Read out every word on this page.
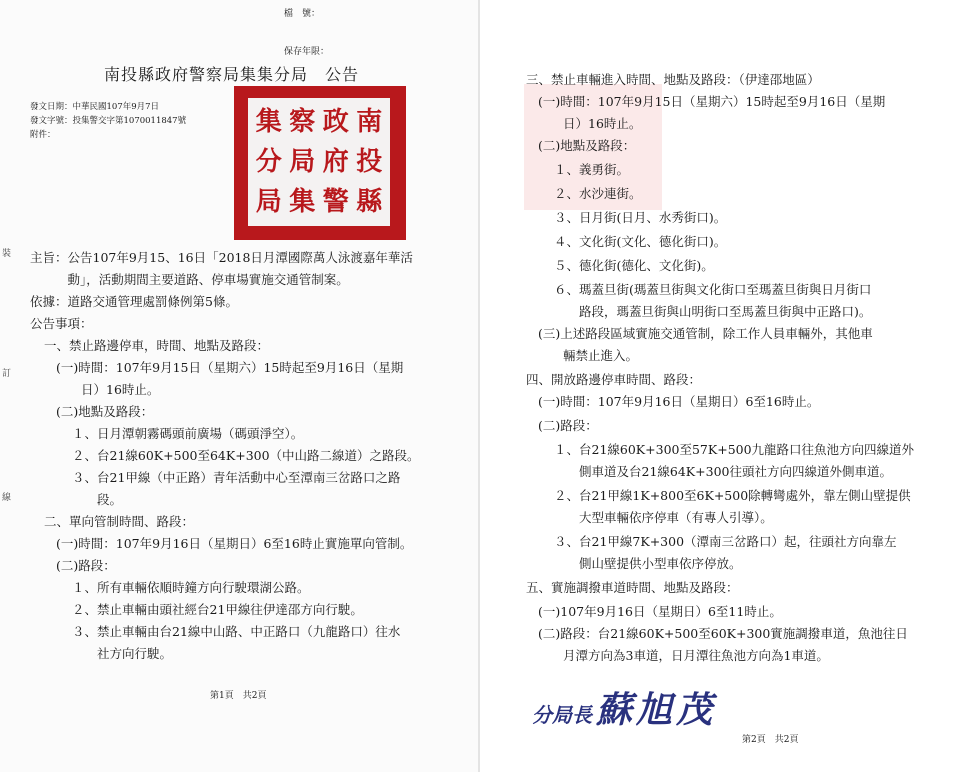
檔　號：
保存年限：
南投縣政府警察局集集分局　公告
發文日期：中華民國107年9月7日
發文字號：投集警交字第1070011847號
附件：	南
投
縣
政
府
警
察
局
集
集
分
局
裝
訂
線
主旨：公告107年9月15、16日「2018日月潭國際萬人泳渡嘉年華活
　　　動」，活動期間主要道路、停車場實施交通管制案。
依據：道路交通管理處罰條例第5條。
公告事項：
一、禁止路邊停車，時間、地點及路段：
(一)時間：107年9月15日（星期六）15時起至9月16日（星期
　　日）16時止。
(二)地點及路段：
１、日月潭朝霧碼頭前廣場（碼頭淨空）。
２、台21線60K+500至64K+300（中山路二線道）之路段。
３、台21甲線（中正路）青年活動中心至潭南三岔路口之路
　　段。
二、單向管制時間、路段：
(一)時間：107年9月16日（星期日）6至16時止實施單向管制。
(二)路段：
１、所有車輛依順時鐘方向行駛環湖公路。
２、禁止車輛由頭社經台21甲線往伊達邵方向行駛。
３、禁止車輛由台21線中山路、中正路口（九龍路口）往水
　　社方向行駛。
第1頁　共2頁
三、禁止車輛進入時間、地點及路段：（伊達邵地區）
(一)時間：107年9月15日（星期六）15時起至9月16日（星期
　　日）16時止。
(二)地點及路段：
１、義勇街。
２、水沙連街。
３、日月街(日月、水秀街口)。
４、文化街(文化、德化街口)。
５、德化街(德化、文化街)。
６、瑪蓋旦街(瑪蓋旦街與文化街口至瑪蓋旦街與日月街口
　　路段，瑪蓋旦街與山明街口至馬蓋旦街與中正路口)。
(三)上述路段區域實施交通管制，除工作人員車輛外，其他車
　　輛禁止進入。
四、開放路邊停車時間、路段：
(一)時間：107年9月16日（星期日）6至16時止。
(二)路段：
１、台21線60K+300至57K+500九龍路口往魚池方向四線道外
　　側車道及台21線64K+300往頭社方向四線道外側車道。
２、台21甲線1K+800至6K+500除轉彎處外，靠左側山壁提供
　　大型車輛依序停車（有專人引導）。
３、台21甲線7K+300（潭南三岔路口）起，往頭社方向靠左
　　側山壁提供小型車依序停放。
五、實施調撥車道時間、地點及路段：
(一)107年9月16日（星期日）6至11時止。
(二)路段：台21線60K+500至60K+300實施調撥車道，魚池往日
　　月潭方向為3車道，日月潭往魚池方向為1車道。
第2頁　共2頁
分局長 蘇旭茂
